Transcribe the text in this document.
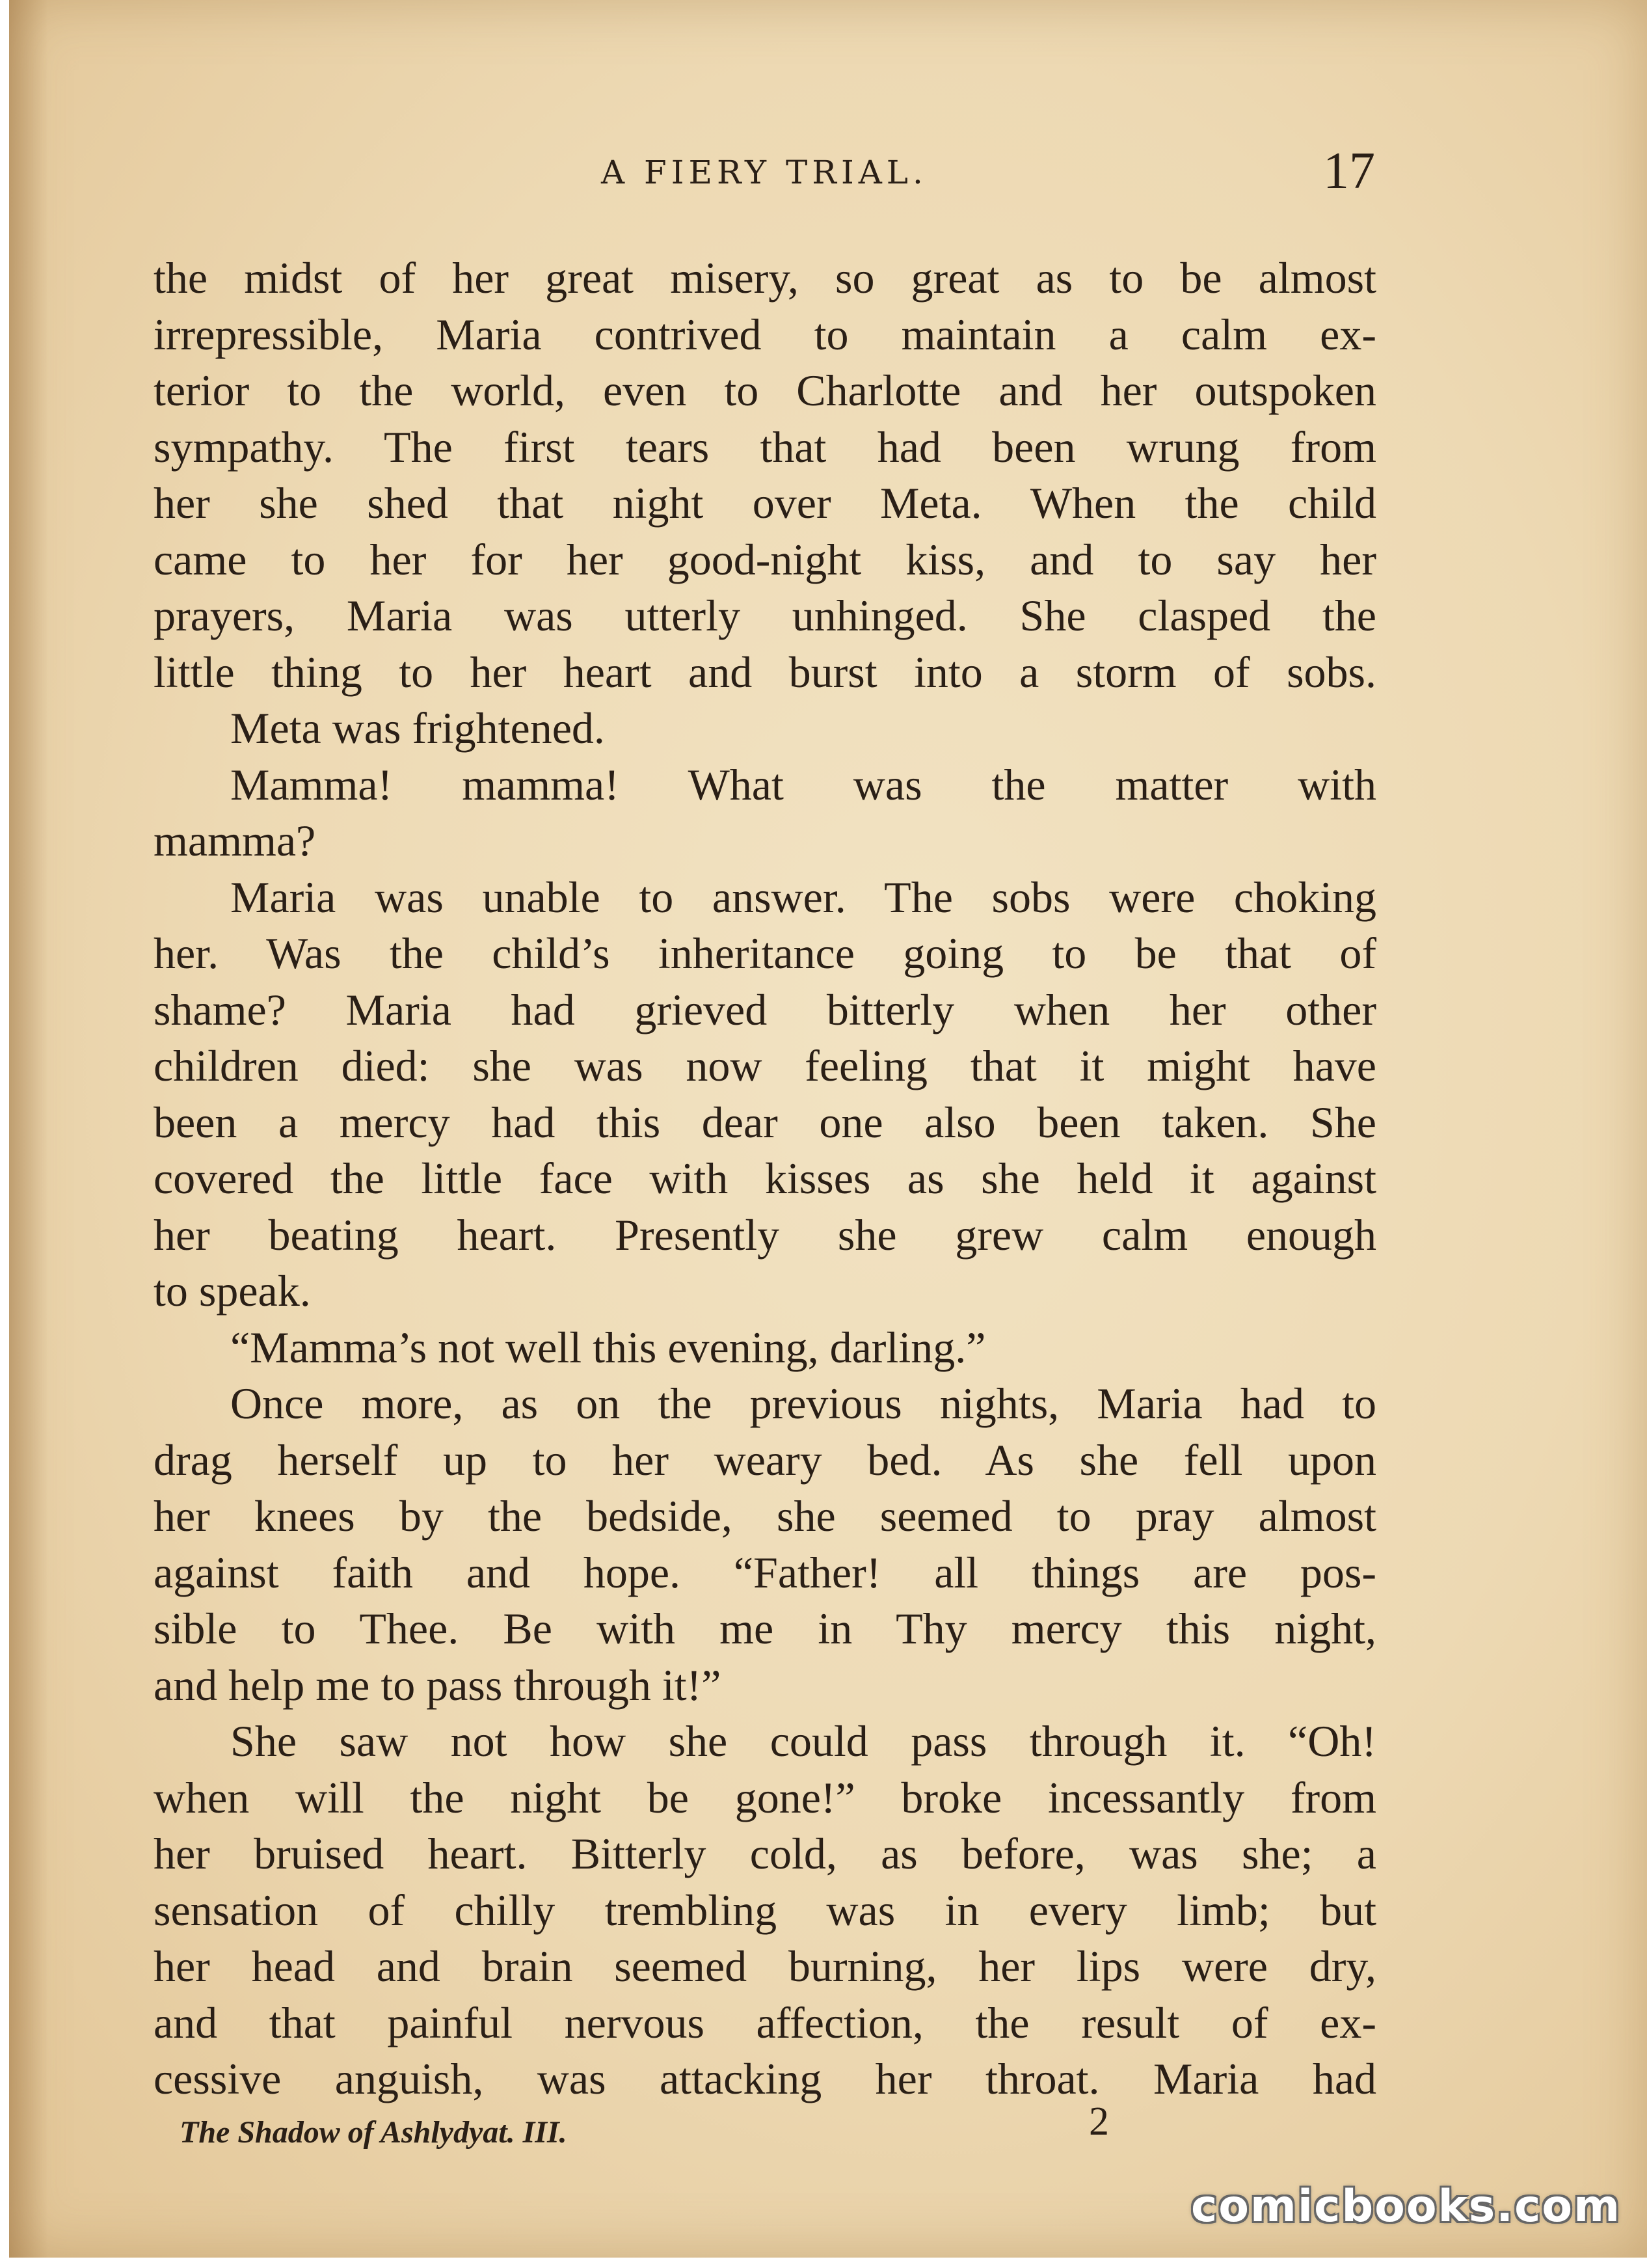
A FIERY TRIAL.	17
the midst of her great misery, so great as to be almost
irrepressible, Maria contrived to maintain a calm ex-
terior to the world, even to Charlotte and her outspoken
sympathy. The first tears that had been wrung from
her she shed that night over Meta. When the child
came to her for her good-night kiss, and to say her
prayers, Maria was utterly unhinged. She clasped the
little thing to her heart and burst into a storm of sobs.
Meta was frightened.
Mamma! mamma! What was the matter with
mamma?
Maria was unable to answer. The sobs were choking
her. Was the child’s inheritance going to be that of
shame? Maria had grieved bitterly when her other
children died: she was now feeling that it might have
been a mercy had this dear one also been taken. She
covered the little face with kisses as she held it against
her beating heart. Presently she grew calm enough
to speak.
“Mamma’s not well this evening, darling.”
Once more, as on the previous nights, Maria had to
drag herself up to her weary bed. As she fell upon
her knees by the bedside, she seemed to pray almost
against faith and hope. “Father! all things are pos-
sible to Thee. Be with me in Thy mercy this night,
and help me to pass through it!”
She saw not how she could pass through it. “Oh!
when will the night be gone!” broke incessantly from
her bruised heart. Bitterly cold, as before, was she; a
sensation of chilly trembling was in every limb; but
her head and brain seemed burning, her lips were dry,
and that painful nervous affection, the result of ex-
cessive anguish, was attacking her throat. Maria had
The Shadow of Ashlydyat. III.	2
comicbooks.com
